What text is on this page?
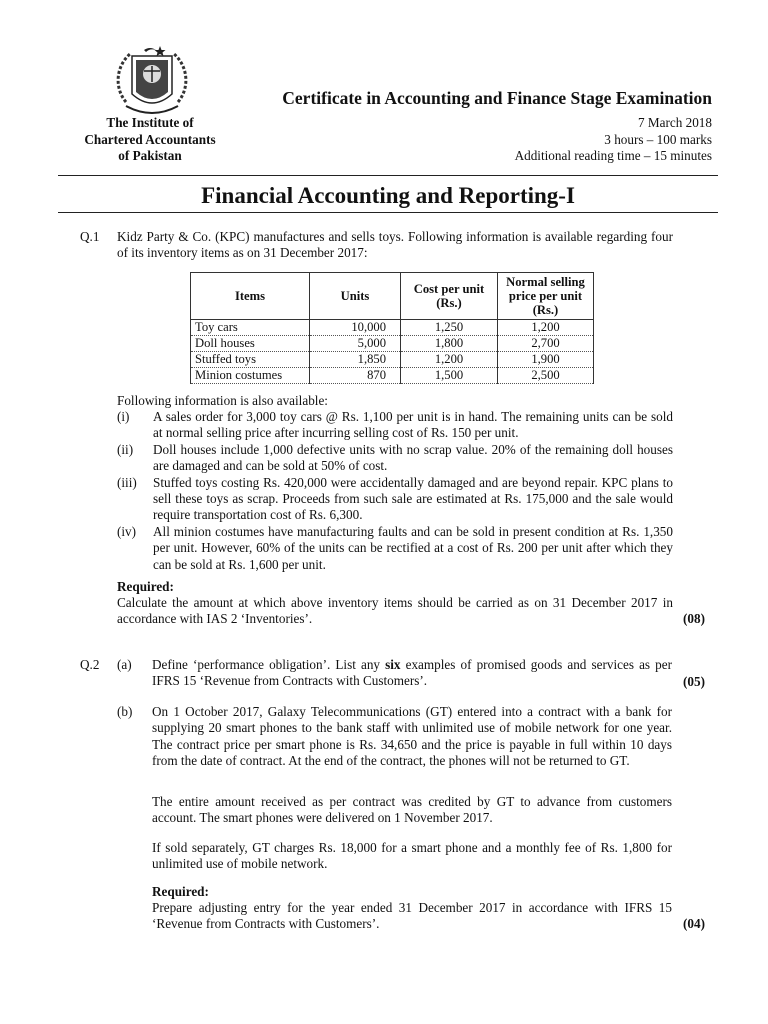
The Institute of
Chartered Accountants
of Pakistan
Certificate in Accounting and Finance Stage Examination
7 March 2018
3 hours – 100 marks
Additional reading time – 15 minutes
Financial Accounting and Reporting-I
Q.1 Kidz Party & Co. (KPC) manufactures and sells toys. Following information is available regarding four of its inventory items as on 31 December 2017:
Items	Units	Cost per unit (Rs.)	Normal selling price per unit (Rs.)

Toy cars	10,000	1,250	1,200
Doll houses	5,000	1,800	2,700
Stuffed toys	1,850	1,200	1,900
Minion costumes	870	1,500	2,500
Following information is also available:
(i)	A sales order for 3,000 toy cars @ Rs. 1,100 per unit is in hand. The remaining units can be sold at normal selling price after incurring selling cost of Rs. 150 per unit.
(ii)	Doll houses include 1,000 defective units with no scrap value. 20% of the remaining doll houses are damaged and can be sold at 50% of cost.
(iii)	Stuffed toys costing Rs. 420,000 were accidentally damaged and are beyond repair. KPC plans to sell these toys as scrap. Proceeds from such sale are estimated at Rs. 175,000 and the sale would require transportation cost of Rs. 6,300.
(iv)	All minion costumes have manufacturing faults and can be sold in present condition at Rs. 1,350 per unit. However, 60% of the units can be rectified at a cost of Rs. 200 per unit after which they can be sold at Rs. 1,600 per unit.
Required:
Calculate the amount at which above inventory items should be carried as on 31 December 2017 in accordance with IAS 2 ‘Inventories’.	(08)
Q.2 (a) Define ‘performance obligation’. List any six examples of promised goods and services as per IFRS 15 ‘Revenue from Contracts with Customers’.	(05)
(b) On 1 October 2017, Galaxy Telecommunications (GT) entered into a contract with a bank for supplying 20 smart phones to the bank staff with unlimited use of mobile network for one year. The contract price per smart phone is Rs. 34,650 and the price is payable in full within 10 days from the date of contract. At the end of the contract, the phones will not be returned to GT.
The entire amount received as per contract was credited by GT to advance from customers account. The smart phones were delivered on 1 November 2017.
If sold separately, GT charges Rs. 18,000 for a smart phone and a monthly fee of Rs. 1,800 for unlimited use of mobile network.
Required:
Prepare adjusting entry for the year ended 31 December 2017 in accordance with IFRS 15 ‘Revenue from Contracts with Customers’.	(04)
